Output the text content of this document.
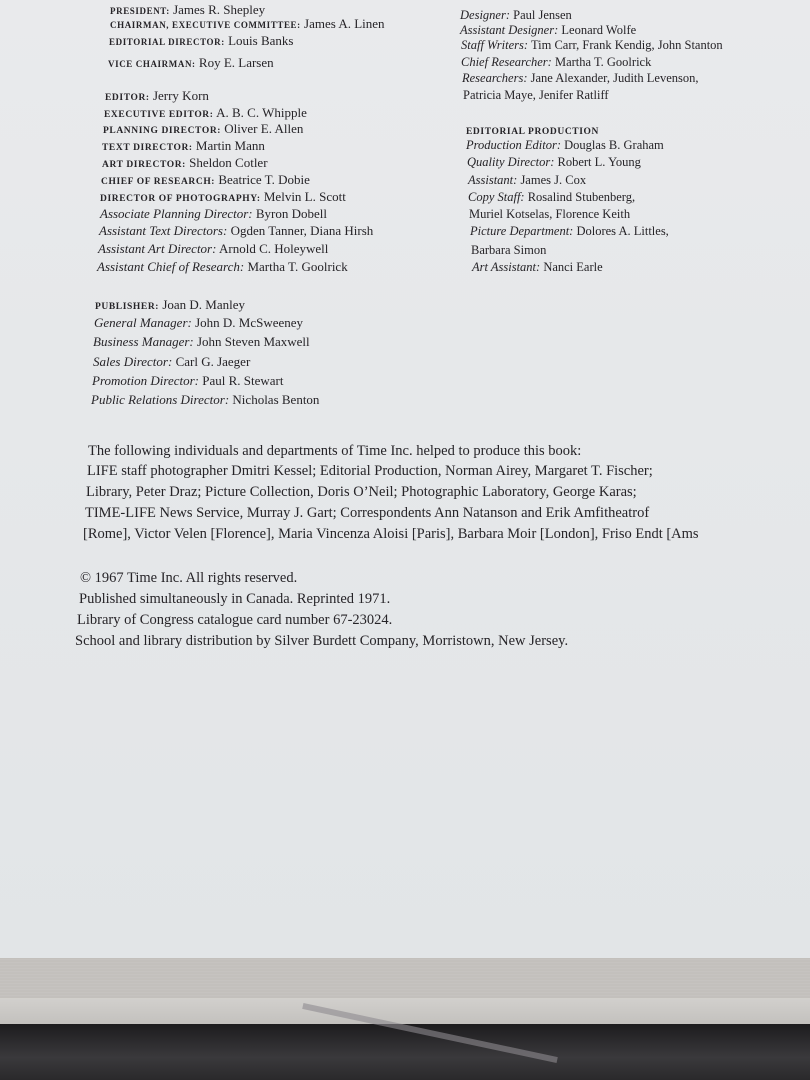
PRESIDENT: James R. Shepley
CHAIRMAN, EXECUTIVE COMMITTEE: James A. Linen
EDITORIAL DIRECTOR: Louis Banks
VICE CHAIRMAN: Roy E. Larsen
EDITOR: Jerry Korn
EXECUTIVE EDITOR: A. B. C. Whipple
PLANNING DIRECTOR: Oliver E. Allen
TEXT DIRECTOR: Martin Mann
ART DIRECTOR: Sheldon Cotler
CHIEF OF RESEARCH: Beatrice T. Dobie
DIRECTOR OF PHOTOGRAPHY: Melvin L. Scott
Associate Planning Director: Byron Dobell
Assistant Text Directors: Ogden Tanner, Diana Hirsh
Assistant Art Director: Arnold C. Holeywell
Assistant Chief of Research: Martha T. Goolrick
PUBLISHER: Joan D. Manley
General Manager: John D. McSweeney
Business Manager: John Steven Maxwell
Sales Director: Carl G. Jaeger
Promotion Director: Paul R. Stewart
Public Relations Director: Nicholas Benton
Designer: Paul Jensen
Assistant Designer: Leonard Wolfe
Staff Writers: Tim Carr, Frank Kendig, John Stanton
Chief Researcher: Martha T. Goolrick
Researchers: Jane Alexander, Judith Levenson,
Patricia Maye, Jenifer Ratliff
EDITORIAL PRODUCTION
Production Editor: Douglas B. Graham
Quality Director: Robert L. Young
Assistant: James J. Cox
Copy Staff: Rosalind Stubenberg,
Muriel Kotselas, Florence Keith
Picture Department: Dolores A. Littles,
Barbara Simon
Art Assistant: Nanci Earle
The following individuals and departments of Time Inc. helped to produce this book:
LIFE staff photographer Dmitri Kessel; Editorial Production, Norman Airey, Margaret T. Fischer;
Library, Peter Draz; Picture Collection, Doris O’Neil; Photographic Laboratory, George Karas;
TIME-LIFE News Service, Murray J. Gart; Correspondents Ann Natanson and Erik Amfitheatrof
[Rome], Victor Velen [Florence], Maria Vincenza Aloisi [Paris], Barbara Moir [London], Friso Endt [Ams
© 1967 Time Inc. All rights reserved.
Published simultaneously in Canada. Reprinted 1971.
Library of Congress catalogue card number 67-23024.
School and library distribution by Silver Burdett Company, Morristown, New Jersey.
